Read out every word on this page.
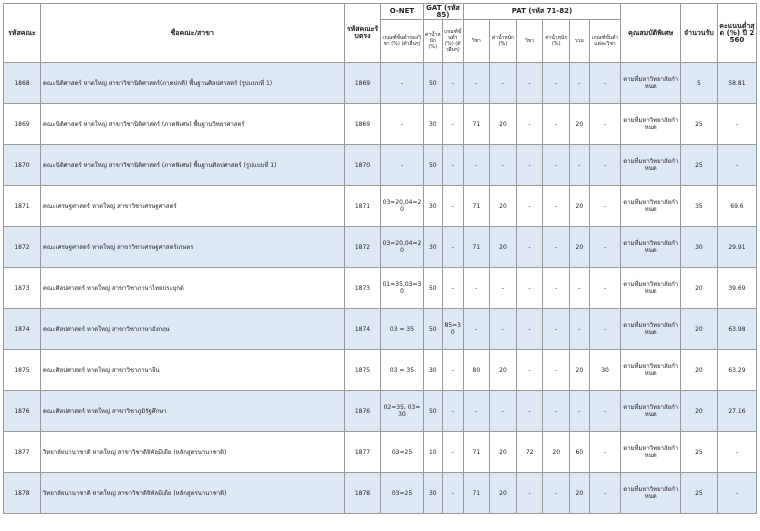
รหัสคณะ	ชื่อคณะ/สาขา	รหัสคณะรับตรง	O-NET	GAT (รหัส 85)		PAT (รหัส 71-82)						คุณสมบัติพิเศษ	จำนวนรับ	คะแนนต่ำสุด (%) ปี 2560
			เกณฑ์ขั้นต่ำของวิชา (%) (ตัวอื่นๆ)	ค่าน้ำหนัก (%)	เกณฑ์ขั้นต่ำ (%) (ตัวอื่นๆ)	วิชา	ค่าน้ำหนัก (%)	วิชา	ค่าน้ำหนัก (%)	รวม	เกณฑ์ขั้นต่ำแต่ละวิชา			
1868	คณะนิติศาสตร์ หาดใหญ่ สาขาวิชานิติศาสตร์(ภาคปกติ) พื้นฐานศิลปศาสตร์ (รูปแบบที่ 1)	1869	-	50	-	-	-	-	-	-	-	ตามที่มหาวิทยาลัยกำหนด	5	58.81
1869	คณะนิติศาสตร์ หาดใหญ่ สาขาวิชานิติศาสตร์ (ภาคพิเศษ) พื้นฐานวิทยาศาสตร์	1869	-	30	-	71	20	-	-	20	-	ตามที่มหาวิทยาลัยกำหนด	25	-
1870	คณะนิติศาสตร์ หาดใหญ่ สาขาวิชานิติศาสตร์ (ภาคพิเศษ) พื้นฐานศิลปศาสตร์ (รูปแบบที่ 1)	1870	-	50	-	-	-	-	-	-	-	ตามที่มหาวิทยาลัยกำหนด	25	-
1871	คณะเศรษฐศาสตร์ หาดใหญ่ สาขาวิชาเศรษฐศาสตร์	1871	03=20,04=20	30	-	71	20	-	-	20	-	ตามที่มหาวิทยาลัยกำหนด	35	69.6
1872	คณะเศรษฐศาสตร์ หาดใหญ่ สาขาวิชาเศรษฐศาสตร์เกษตร	1872	03=20,04=20	30	-	71	20	-	-	20	-	ตามที่มหาวิทยาลัยกำหนด	30	29.91
1873	คณะศิลปศาสตร์ หาดใหญ่ สาขาวิชาภาษาไทยประยุกต์	1873	01=35,03=30	50	-	-	-	-	-	-	-	ตามที่มหาวิทยาลัยกำหนด	20	39.69
1874	คณะศิลปศาสตร์ หาดใหญ่ สาขาวิชาภาษาอังกฤษ	1874	03 = 35	50	85=30	-	-	-	-	-	-	ตามที่มหาวิทยาลัยกำหนด	20	63.98
1875	คณะศิลปศาสตร์ หาดใหญ่ สาขาวิชาภาษาจีน	1875	03 = 35	30	-	80	20	-	-	20	30	ตามที่มหาวิทยาลัยกำหนด	20	63.29
1876	คณะศิลปศาสตร์ หาดใหญ่ สาขาวิชาภูมิรัฐศึกษา	1876	02=35, 03=30	50	-	-	-	-	-	-	-	ตามที่มหาวิทยาลัยกำหนด	20	27.16
1877	วิทยาลัยนานาชาติ หาดใหญ่ สาขาวิชาดิจิทัลมีเดีย (หลักสูตรนานาชาติ)	1877	03=25	10	-	71	20	72	20	60	-	ตามที่มหาวิทยาลัยกำหนด	25	-
1878	วิทยาลัยนานาชาติ หาดใหญ่ สาขาวิชาดิจิทัลมีเดีย (หลักสูตรนานาชาติ)	1878	03=25	30	-	71	20	-	-	20	-	ตามที่มหาวิทยาลัยกำหนด	25	-
